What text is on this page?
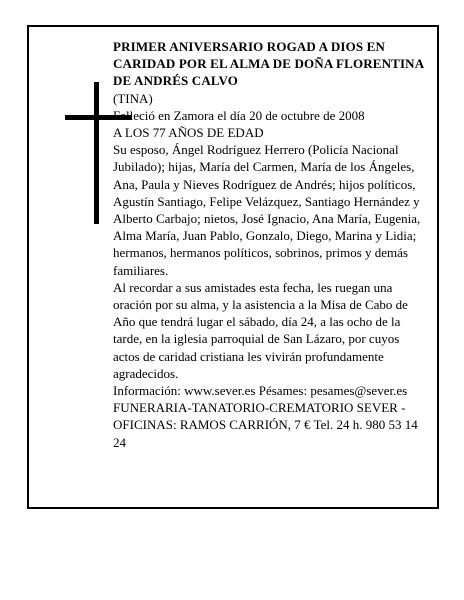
PRIMER ANIVERSARIO ROGAD A DIOS EN CARIDAD POR EL ALMA DE DOÑA FLORENTINA DE ANDRÉS CALVO

(TINA)

Falleció en Zamora el día 20 de octubre de 2008

A LOS 77 AÑOS DE EDAD

Su esposo, Ángel Rodríguez Herrero (Policía Nacional Jubilado); hijas, María del Carmen, María de los Ángeles, Ana, Paula y Nieves Rodríguez de Andrés; hijos políticos, Agustín Santiago, Felipe Velázquez, Santiago Hernández y Alberto Carbajo; nietos, José Ignacio, Ana María, Eugenia, Alma María, Juan Pablo, Gonzalo, Diego, Marina y Lidia; hermanos, hermanos políticos, sobrinos, primos y demás familiares.

Al recordar a sus amistades esta fecha, les ruegan una oración por su alma, y la asistencia a la Misa de Cabo de Año que tendrá lugar el sábado, día 24, a las ocho de la tarde, en la iglesia parroquial de San Lázaro, por cuyos actos de caridad cristiana les vivirán profundamente agradecidos.

Información: www.sever.es Pésames: pesames@sever.es

FUNERARIA-TANATORIO-CREMATORIO SEVER - OFICINAS: RAMOS CARRIÓN, 7 € Tel. 24 h. 980 53 14 24
